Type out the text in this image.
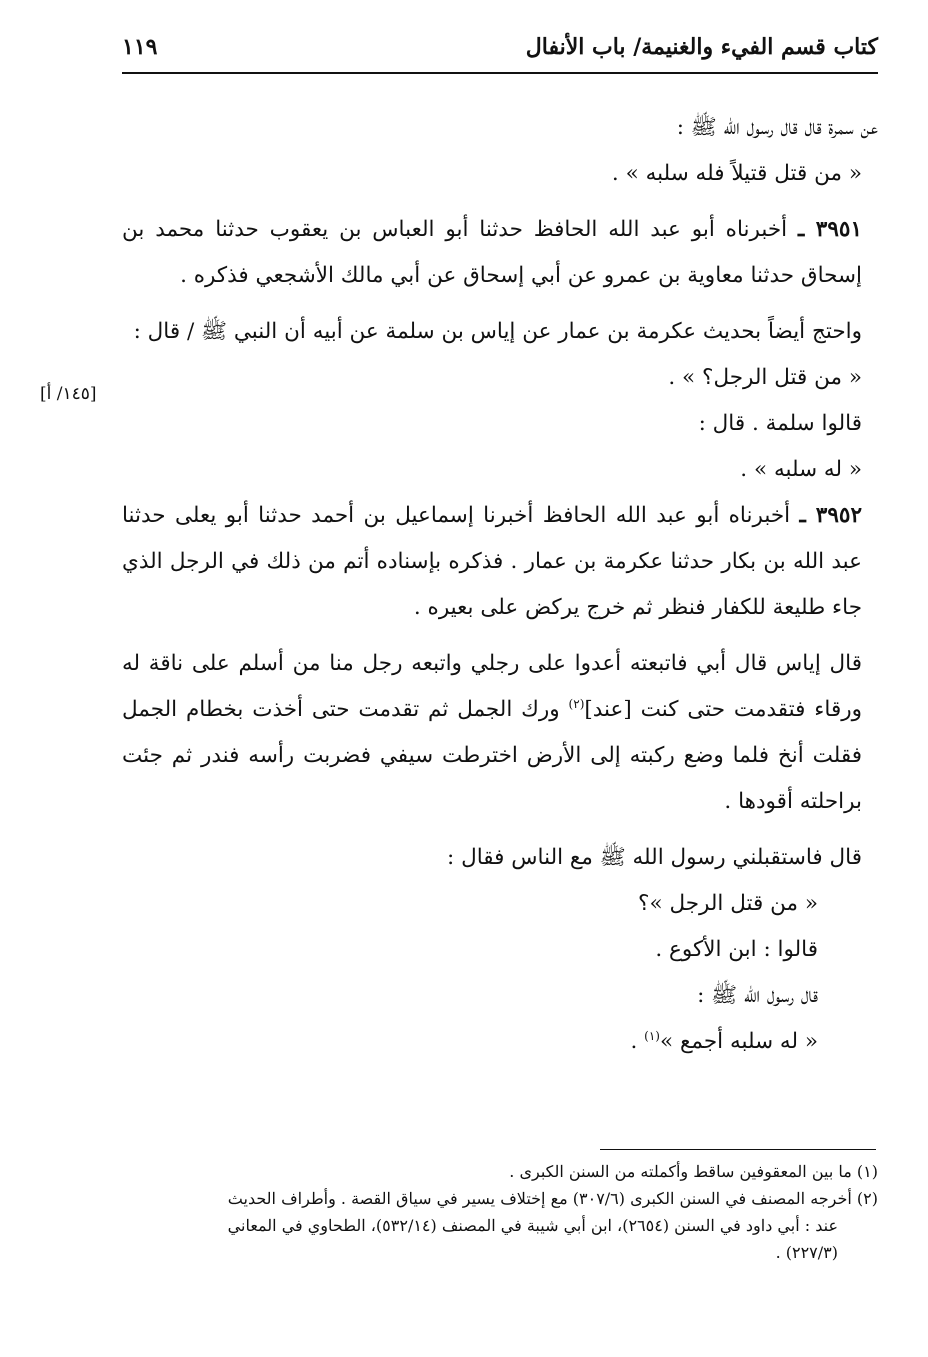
كتاب قسم الفيء والغنيمة/ باب الأنفال
١١٩
[١٤٥/ أ]

عن سمرة قال قال رسول الله ﷺ :

« من قتل قتيلاً فله سلبه » .

٣٩٥١ ـ أخبرناه أبو عبد الله الحافظ حدثنا أبو العباس بن يعقوب حدثنا محمد بن إسحاق حدثنا معاوية بن عمرو عن أبي إسحاق عن أبي مالك الأشجعي فذكره .

واحتج أيضاً بحديث عكرمة بن عمار عن إياس بن سلمة عن أبيه أن النبي ﷺ / قال :

« من قتل الرجل؟ » .

قالوا سلمة . قال :

« له سلبه » .

٣٩٥٢ ـ أخبرناه أبو عبد الله الحافظ أخبرنا إسماعيل بن أحمد حدثنا أبو يعلى حدثنا عبد الله بن بكار حدثنا عكرمة بن عمار . فذكره بإسناده أتم من ذلك في الرجل الذي جاء طليعة للكفار فنظر ثم خرج يركض على بعيره .

قال إياس قال أبي فاتبعته أعدوا على رجلي واتبعه رجل منا من أسلم على ناقة له ورقاء فتقدمت حتى كنت [عند]$^{(٢)}$ ورك الجمل ثم تقدمت حتى أخذت بخطام الجمل فقلت أنخ فلما وضع ركبته إلى الأرض اخترطت سيفي فضربت رأسه فندر ثم جئت براحلته أقودها .

قال فاستقبلني رسول الله ﷺ مع الناس فقال :

« من قتل الرجل »؟

قالوا : ابن الأكوع .

قال رسول الله ﷺ :

« له سلبه أجمع »$^{(١)}$ .

(١) ما بين المعقوفين ساقط وأكملته من السنن الكبرى .

(٢) أخرجه المصنف في السنن الكبرى (٣٠٧/٦) مع إختلاف يسير في سياق القصة . وأطراف الحديث

عند : أبي داود في السنن (٢٦٥٤)، ابن أبي شيبة في المصنف (٥٣٢/١٤)، الطحاوي في المعاني

(٢٢٧/٣) .
